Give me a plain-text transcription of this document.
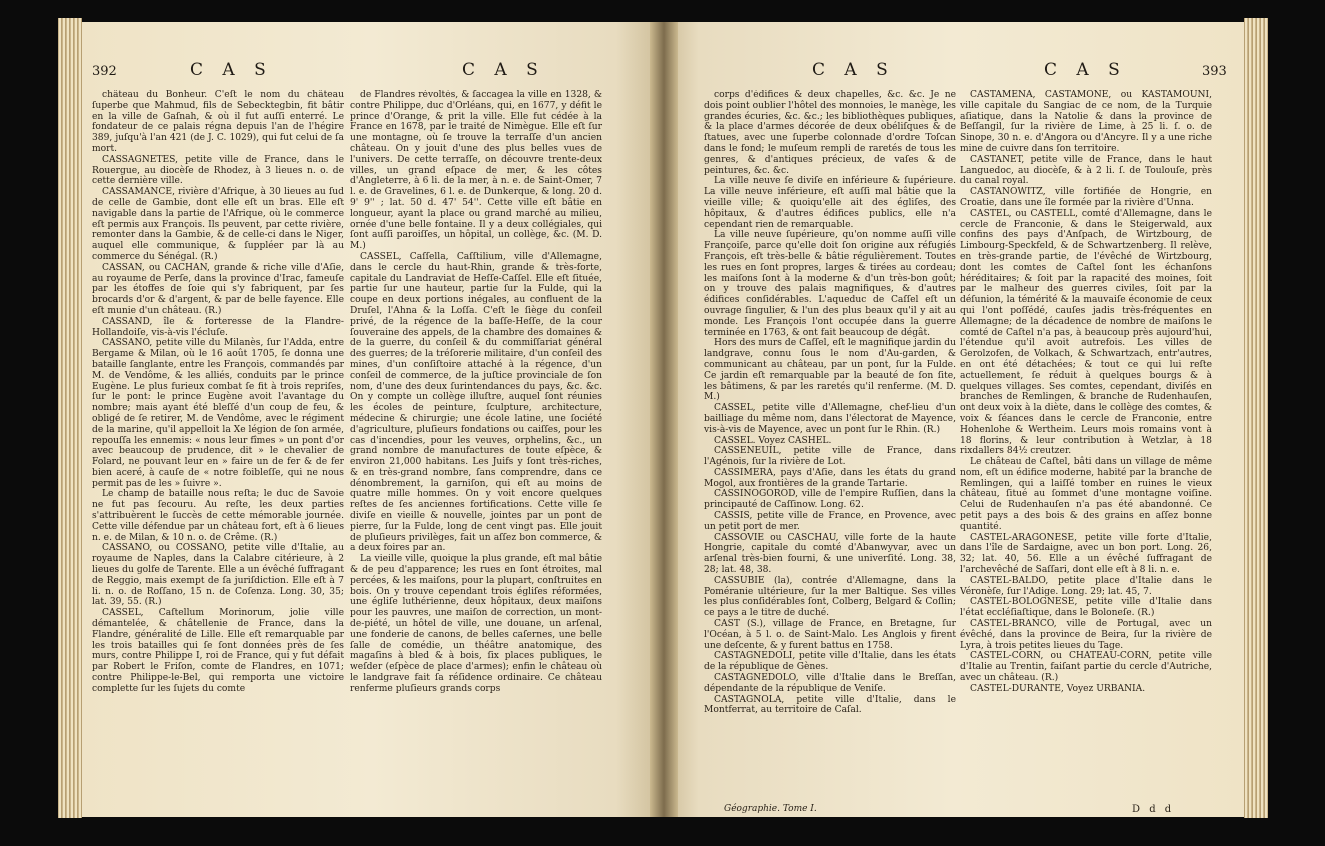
392	C A S	C A S

château du Bonheur. C'eſt le nom du château ſuperbe que Mahmud, fils de Sebecktegbin, fit bâtir en la ville de Gaſnah, & où il fut auſſi enterré. Le fondateur de ce palais régna depuis l'an de l'hégire 389, juſqu'à l'an 421 (de J. C. 1029), qui fut celui de ſa mort.

CASSAGNETES, petite ville de France, dans le Rouergue, au diocèſe de Rhodez, à 3 lieues n. o. de cette dernière ville.

CASSAMANCE, rivière d'Afrique, à 30 lieues au ſud de celle de Gambie, dont elle eſt un bras. Elle eſt navigable dans la partie de l'Afrique, où le commerce eſt permis aux François. Ils peuvent, par cette rivière, remonter dans la Gambie, & de celle-ci dans le Niger, auquel elle communique, & ſuppléer par là au commerce du Sénégal. (R.)

CASSAN, ou CACHAN, grande & riche ville d'Aſie, au royaume de Perſe, dans la province d'Irac, fameuſe par les étoffes de ſoie qui s'y fabriquent, par ſes brocards d'or & d'argent, & par de belle fayence. Elle eſt munie d'un château. (R.)

CASSAND, île & forteresse de la Flandre-Hollandoiſe, vis-à-vis l'écluſe.

CASSANO, petite ville du Milanès, ſur l'Adda, entre Bergame & Milan, où le 16 août 1705, ſe donna une bataille ſanglante, entre les François, commandés par M. de Vendôme, & les alliés, conduits par le prince Eugène. Le plus furieux combat ſe fit à trois repriſes, ſur le pont: le prince Eugène avoit l'avantage du nombre; mais ayant été bleſſé d'un coup de feu, & obligé de ſe retirer, M. de Vendôme, avec le régiment de la marine, qu'il appelloit la Xe légion de ſon armée, repouſſa les ennemis: « nous leur fîmes » un pont d'or avec beaucoup de prudence, dit » le chevalier de Folard, ne pouvant leur en » faire un de fer & de fer bien aceré, à cauſe de « notre foibleſſe, qui ne nous permit pas de les » ſuivre ».

Le champ de bataille nous reſta; le duc de Savoie ne fut pas ſecouru. Au reſte, les deux parties s'attribuèrent le ſuccès de cette mémorable journée. Cette ville défendue par un château fort, eſt à 6 lieues n. e. de Milan, & 10 n. o. de Crême. (R.)

CASSANO, ou COSSANO, petite ville d'Italie, au royaume de Naples, dans la Calabre citérieure, à 2 lieues du golfe de Tarente. Elle a un évêché ſuffragant de Reggio, mais exempt de ſa juriſdiction. Elle eſt à 7 li. n. o. de Roſſano, 15 n. de Coſenza. Long. 30, 35; lat. 39, 55. (R.)

CASSEL, Caſtellum Morinorum, jolie ville démantelée, & châtellenie de France, dans la Flandre, généralité de Lille. Elle eſt remarquable par les trois batailles qui ſe ſont données près de ſes murs, contre Philippe I, roi de France, qui y fut défait par Robert le Friſon, comte de Flandres, en 1071; contre Philippe-le-Bel, qui remporta une victoire complette ſur les ſujets du comte

de Flandres révoltés, & ſaccagea la ville en 1328, & contre Philippe, duc d'Orléans, qui, en 1677, y défit le prince d'Orange, & prit la ville. Elle fut cédée à la France en 1678, par le traité de Nimègue. Elle eſt ſur une montagne, où ſe trouve la terraſſe d'un ancien château. On y jouit d'une des plus belles vues de l'univers. De cette terraſſe, on découvre trente-deux villes, un grand eſpace de mer, & les côtes d'Angleterre, à 6 li. de la mer, à n. e. de Saint-Omer, 7 l. e. de Gravelines, 6 l. e. de Dunkerque, & long. 20 d. 9' 9'' ; lat. 50 d. 47' 54''. Cette ville eſt bâtie en longueur, ayant la place ou grand marché au milieu, ornée d'une belle fontaine. Il y a deux collégiales, qui ſont auſſi paroiſſes, un hôpital, un collège, &c. (M. D. M.)

CASSEL, Caſſella, Caſſtilium, ville d'Allemagne, dans le cercle du haut-Rhin, grande & très-forte, capitale du Landraviat de Heſſe-Caſſel. Elle eſt ſituée, partie ſur une hauteur, partie ſur la Fulde, qui la coupe en deux portions inégales, au confluent de la Druſel, l'Ahna & la Loſſa. C'eſt le ſiège du conſeil privé, de la régence de la baſſe-Heſſe, de la cour ſouveraine des appels, de la chambre des domaines & de la guerre, du conſeil & du commiſſariat général des guerres; de la tréſorerie militaire, d'un conſeil des mines, d'un conſiſtoire attaché à la régence, d'un conſeil de commerce, de la juſtice provinciale de ſon nom, d'une des deux ſurintendances du pays, &c. &c. On y compte un collège illuſtre, auquel ſont réunies les écoles de peinture, ſculpture, architecture, médecine & chirurgie; une école latine, une ſociété d'agriculture, pluſieurs fondations ou caiſſes, pour les cas d'incendies, pour les veuves, orphelins, &c., un grand nombre de manufactures de toute eſpèce, & environ 21,000 habitans. Les Juifs y ſont très-riches, & en très-grand nombre, ſans comprendre, dans ce dénombrement, la garniſon, qui eſt au moins de quatre mille hommes. On y voit encore quelques reſtes de ſes anciennes fortifications. Cette ville ſe diviſe en vieille & nouvelle, jointes par un pont de pierre, ſur la Fulde, long de cent vingt pas. Elle jouit de pluſieurs privilèges, fait un aſſez bon commerce, & a deux foires par an.

La vieille ville, quoique la plus grande, eſt mal bâtie & de peu d'apparence; les rues en ſont étroites, mal percées, & les maiſons, pour la plupart, conſtruites en bois. On y trouve cependant trois égliſes réformées, une égliſe luthérienne, deux hôpitaux, deux maiſons pour les pauvres, une maiſon de correction, un mont-de-piété, un hôtel de ville, une douane, un arſenal, une fonderie de canons, de belles caſernes, une belle ſalle de comédie, un théâtre anatomique, des magaſins à bled & à bois, ſix places publiques, le weſder (eſpèce de place d'armes); enfin le château où le landgrave fait ſa réſidence ordinaire. Ce château renferme pluſieurs grands corps

C A S	C A S	393

corps d'édifices & deux chapelles, &c. &c. Je ne dois point oublier l'hôtel des monnoies, le manège, les grandes écuries, &c. &c.; les bibliothèques publiques, & la place d'armes décorée de deux obéliſques & de ſtatues, avec une ſuperbe colonnade d'ordre Toſcan dans le fond; le muſeum rempli de raretés de tous les genres, & d'antiques précieux, de vaſes & de peintures, &c. &c.

La ville neuve ſe diviſe en inférieure & ſupérieure. La ville neuve inférieure, eſt auſſi mal bâtie que la vieille ville; & quoiqu'elle ait des égliſes, des hôpitaux, & d'autres édifices publics, elle n'a cependant rien de remarquable.

La ville neuve ſupérieure, qu'on nomme auſſi ville Françoiſe, parce qu'elle doit ſon origine aux réfugiés François, eſt très-belle & bâtie régulièrement. Toutes les rues en ſont propres, larges & tirées au cordeau; les maiſons ſont à la moderne & d'un très-bon goût; on y trouve des palais magnifiques, & d'autres édifices conſidérables. L'aqueduc de Caſſel eſt un ouvrage ſingulier, & l'un des plus beaux qu'il y ait au monde. Les François l'ont occupée dans la guerre terminée en 1763, & ont fait beaucoup de dégât.

Hors des murs de Caſſel, eſt le magnifique jardin du landgrave, connu ſous le nom d'Au-garden, & communicant au château, par un pont, ſur la Fulde. Ce jardin eſt remarquable par la beauté de ſon ſite, les bâtimens, & par les raretés qu'il renferme. (M. D. M.)

CASSEL, petite ville d'Allemagne, chef-lieu d'un bailliage du même nom, dans l'électorat de Mayence, vis-à-vis de Mayence, avec un pont ſur le Rhin. (R.)

CASSEL. Voyez CASHEL.

CASSENEUIL, petite ville de France, dans l'Agénois, ſur la rivière de Lot.

CASSIMERA, pays d'Aſie, dans les états du grand Mogol, aux frontières de la grande Tartarie.

CASSINOGOROD, ville de l'empire Ruſſien, dans la principauté de Caſſinow. Long. 62.

CASSIS, petite ville de France, en Provence, avec un petit port de mer.

CASSOVIE ou CASCHAU, ville forte de la haute Hongrie, capitale du comté d'Abanwyvar, avec un arſenal très-bien fourni, & une univerſité. Long. 38, 28; lat. 48, 38.

CASSUBIE (la), contrée d'Allemagne, dans la Poméranie ultérieure, ſur la mer Baltique. Ses villes les plus conſidérables ſont, Colberg, Belgard & Coſlin; ce pays a le titre de duché.

CAST (S.), village de France, en Bretagne, ſur l'Océan, à 5 l. o. de Saint-Malo. Les Anglois y firent une deſcente, & y furent battus en 1758.

CASTAGNEDOLI, petite ville d'Italie, dans les états de la république de Gènes.

CASTAGNEDOLO, ville d'Italie dans le Breſſan, dépendante de la république de Veniſe.

CASTAGNOLA, petite ville d'Italie, dans le Montferrat, au territoire de Caſal.

CASTAMENA, CASTAMONE, ou KASTAMOUNI, ville capitale du Sangiac de ce nom, de la Turquie aſiatique, dans la Natolie & dans la province de Beſſangil, ſur la rivière de Lime, à 25 li. ſ. o. de Sinope, 30 n. e. d'Angora ou d'Ancyre. Il y a une riche mine de cuivre dans ſon territoire.

CASTANET, petite ville de France, dans le haut Languedoc, au diocèſe, & à 2 li. ſ. de Toulouſe, près du canal royal.

CASTANOWITZ, ville fortifiée de Hongrie, en Croatie, dans une île formée par la rivière d'Unna.

CASTEL, ou CASTELL, comté d'Allemagne, dans le cercle de Franconie, & dans le Steigerwald, aux confins des pays d'Anſpach, de Wirtzbourg, de Limbourg-Speckfeld, & de Schwartzenberg. Il relève, en très-grande partie, de l'évêché de Wirtzbourg, dont les comtes de Caſtel ſont les échanſons héréditaires; & ſoit par la rapacité des moines, ſoit par le malheur des guerres civiles, ſoit par la déſunion, la témérité & la mauvaiſe économie de ceux qui l'ont poſſédé, cauſes jadis très-fréquentes en Allemagne; de la décadence de nombre de maiſons le comté de Caſtel n'a pas, à beaucoup près aujourd'hui, l'étendue qu'il avoit autrefois. Les villes de Gerolzofen, de Volkach, & Schwartzach, entr'autres, en ont été détachées; & tout ce qui lui reſte actuellement, ſe réduit à quelques bourgs & à quelques villages. Ses comtes, cependant, diviſés en branches de Remlingen, & branche de Rudenhauſen, ont deux voix à la diète, dans le collège des comtes, & voix & ſéances dans le cercle de Franconie, entre Hohenlohe & Wertheim. Leurs mois romains vont à 18 florins, & leur contribution à Wetzlar, à 18 rixdallers 84½ creutzer.

Le château de Caſtel, bâti dans un village de même nom, eſt un édifice moderne, habité par la branche de Remlingen, qui a laiſſé tomber en ruines le vieux château, ſitué au ſommet d'une montagne voiſine. Celui de Rudenhauſen n'a pas été abandonné. Ce petit pays a des bois & des grains en aſſez bonne quantité.

CASTEL-ARAGONESE, petite ville forte d'Italie, dans l'île de Sardaigne, avec un bon port. Long. 26, 32; lat. 40, 56. Elle a un évêché ſuffragant de l'archevêché de Saſſari, dont elle eſt à 8 li. n. e.

CASTEL-BALDO, petite place d'Italie dans le Véronèſe, ſur l'Adige. Long. 29; lat. 45, 7.

CASTEL-BOLOGNESE, petite ville d'Italie dans l'état eccléſiaſtique, dans le Boloneſe. (R.)

CASTEL-BRANCO, ville de Portugal, avec un évêché, dans la province de Beira, ſur la rivière de Lyra, à trois petites lieues du Tage.

CASTEL-CORN, ou CHATEAU-CORN, petite ville d'Italie au Trentin, faiſant partie du cercle d'Autriche, avec un château. (R.)

CASTEL-DURANTE, Voyez URBANIA.

Géographie. Tome I.	D d d
